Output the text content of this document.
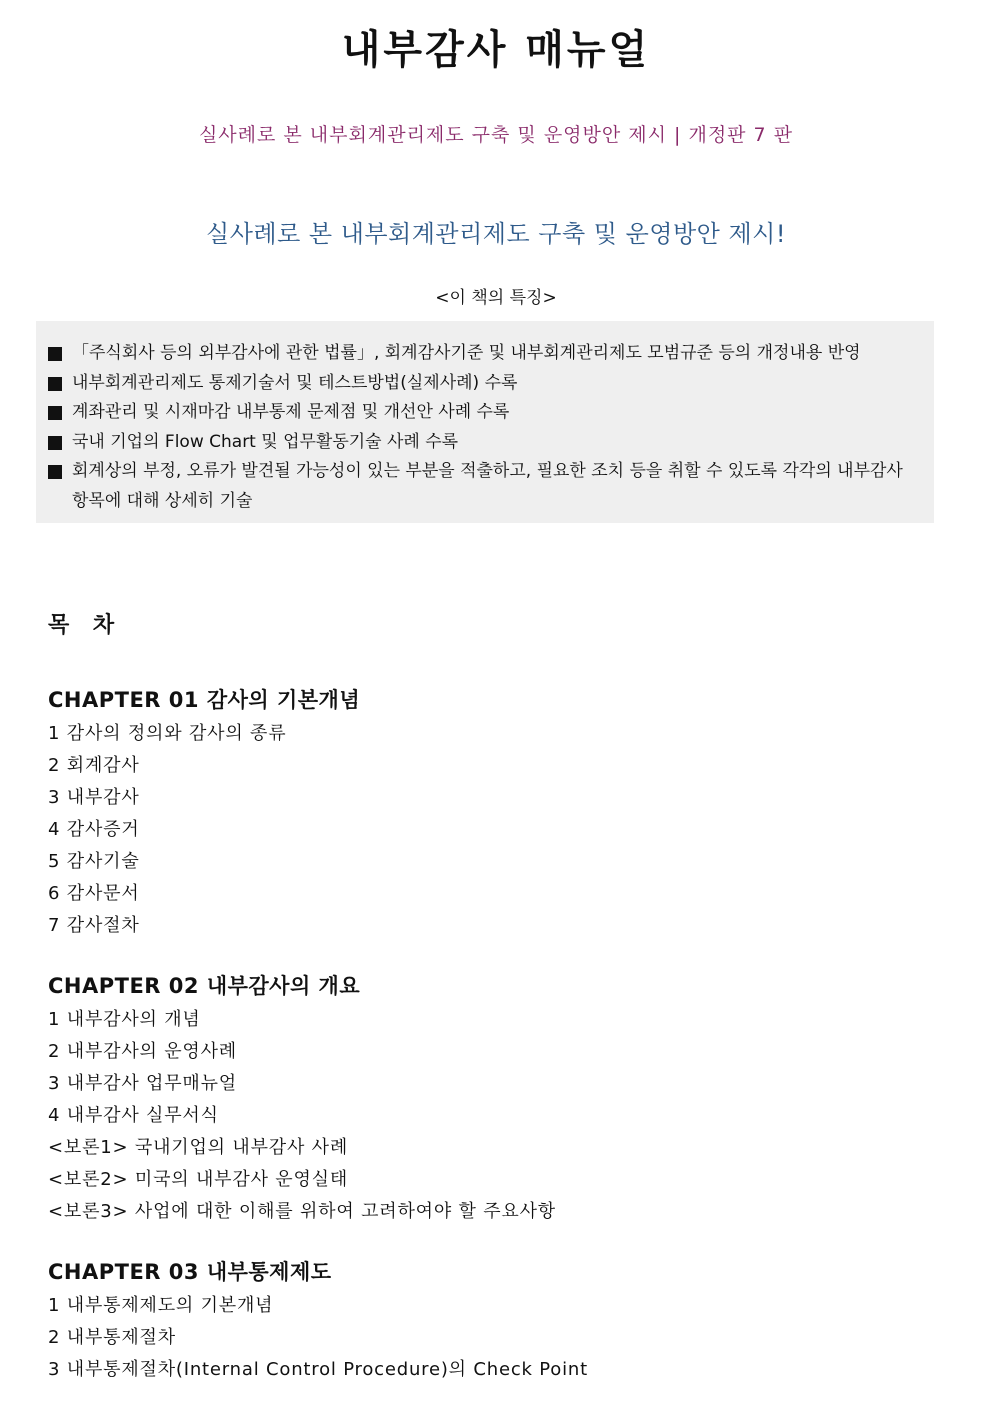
내부감사 매뉴얼
실사례로 본 내부회계관리제도 구축 및 운영방안 제시 | 개정판 7 판
실사례로 본 내부회계관리제도 구축 및 운영방안 제시!
<이 책의 특징>
「주식회사 등의 외부감사에 관한 법률」, 회계감사기준 및 내부회계관리제도 모범규준 등의 개정내용 반영
내부회계관리제도 통제기술서 및 테스트방법(실제사례) 수록
계좌관리 및 시재마감 내부통제 문제점 및 개선안 사례 수록
국내 기업의 Flow Chart 및 업무활동기술 사례 수록
회계상의 부정, 오류가 발견될 가능성이 있는 부분을 적출하고, 필요한 조치 등을 취할 수 있도록 각각의 내부감사 항목에 대해 상세히 기술
목 차
CHAPTER 01 감사의 기본개념
1 감사의 정의와 감사의 종류
2 회계감사
3 내부감사
4 감사증거
5 감사기술
6 감사문서
7 감사절차
CHAPTER 02 내부감사의 개요
1 내부감사의 개념
2 내부감사의 운영사례
3 내부감사 업무매뉴얼
4 내부감사 실무서식
<보론1> 국내기업의 내부감사 사례
<보론2> 미국의 내부감사 운영실태
<보론3> 사업에 대한 이해를 위하여 고려하여야 할 주요사항
CHAPTER 03 내부통제제도
1 내부통제제도의 기본개념
2 내부통제절차
3 내부통제절차(Internal Control Procedure)의 Check Point
